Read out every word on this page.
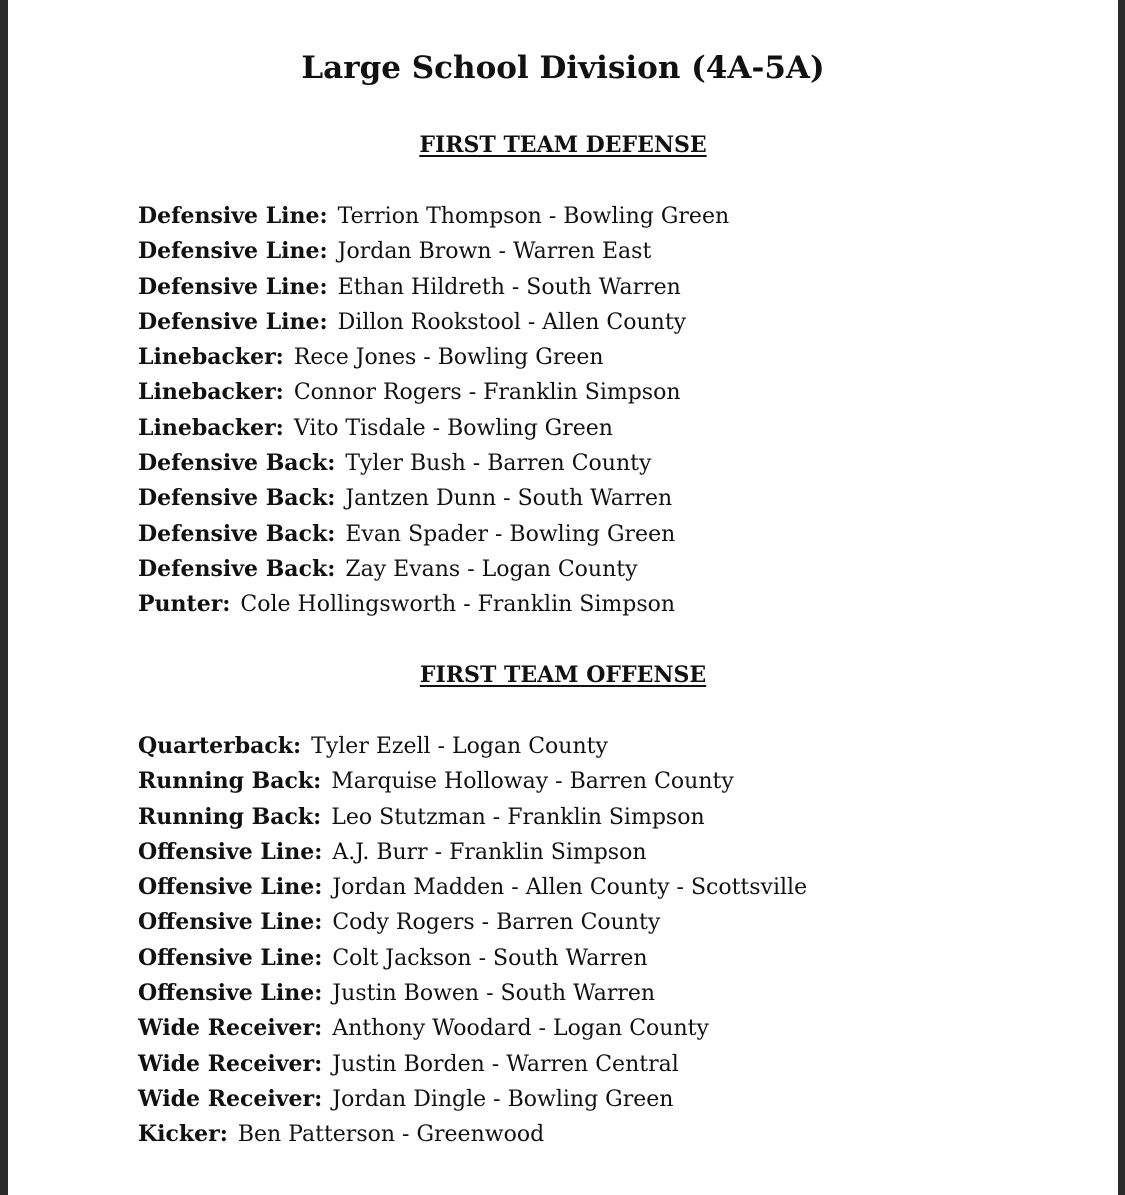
Large School Division (4A-5A)
FIRST TEAM DEFENSE
Defensive Line: Terrion Thompson - Bowling Green
Defensive Line: Jordan Brown - Warren East
Defensive Line: Ethan Hildreth - South Warren
Defensive Line: Dillon Rookstool - Allen County
Linebacker: Rece Jones - Bowling Green
Linebacker: Connor Rogers - Franklin Simpson
Linebacker: Vito Tisdale - Bowling Green
Defensive Back: Tyler Bush - Barren County
Defensive Back: Jantzen Dunn - South Warren
Defensive Back: Evan Spader - Bowling Green
Defensive Back: Zay Evans - Logan County
Punter: Cole Hollingsworth - Franklin Simpson
FIRST TEAM OFFENSE
Quarterback: Tyler Ezell - Logan County
Running Back: Marquise Holloway - Barren County
Running Back: Leo Stutzman - Franklin Simpson
Offensive Line: A.J. Burr - Franklin Simpson
Offensive Line: Jordan Madden - Allen County - Scottsville
Offensive Line: Cody Rogers - Barren County
Offensive Line: Colt Jackson - South Warren
Offensive Line: Justin Bowen - South Warren
Wide Receiver: Anthony Woodard - Logan County
Wide Receiver: Justin Borden - Warren Central
Wide Receiver: Jordan Dingle - Bowling Green
Kicker: Ben Patterson - Greenwood
